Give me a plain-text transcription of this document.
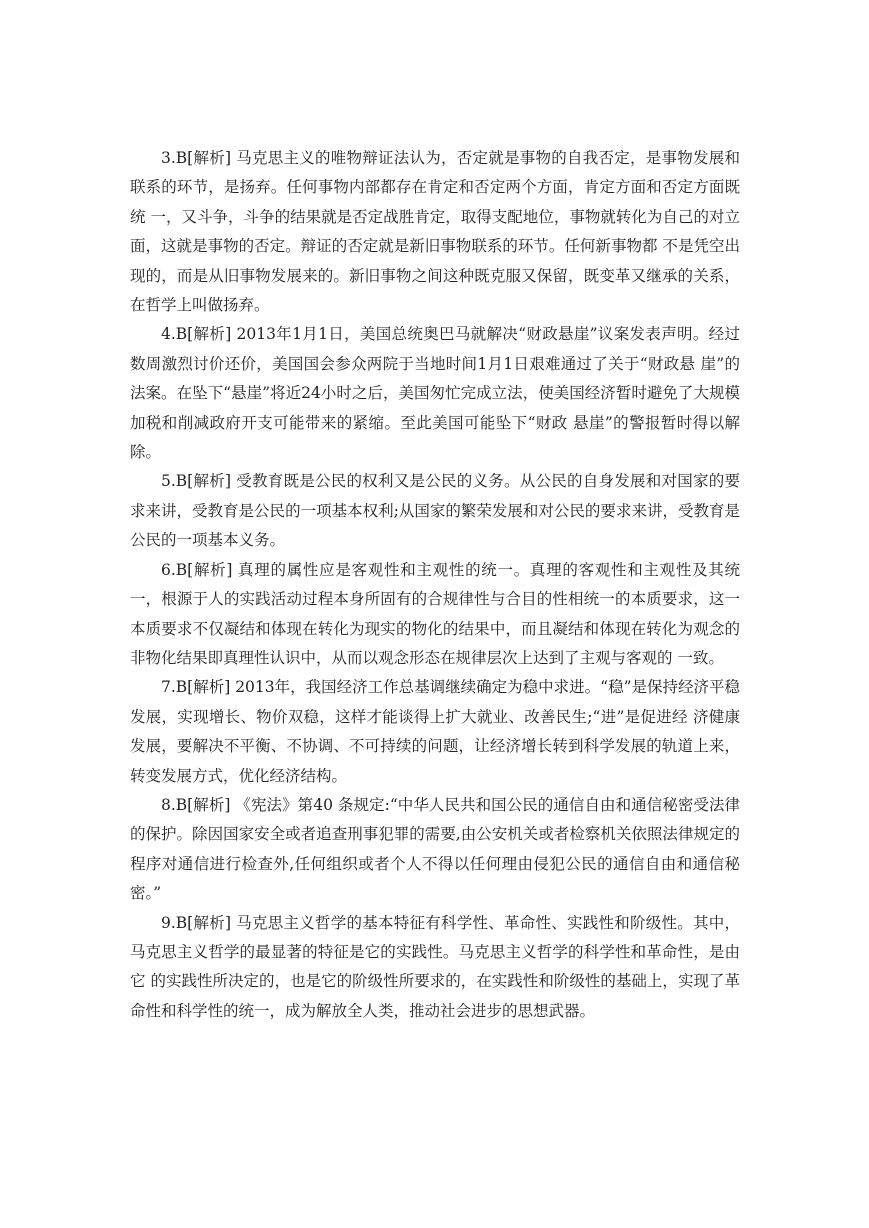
3.B[解析] 马克思主义的唯物辩证法认为，否定就是事物的自我否定，是事物发展和联系的环节，是扬弃。任何事物内部都存在肯定和否定两个方面，肯定方面和否定方面既统 一，又斗争，斗争的结果就是否定战胜肯定，取得支配地位，事物就转化为自己的对立面，这就是事物的否定。辩证的否定就是新旧事物联系的环节。任何新事物都 不是凭空出现的，而是从旧事物发展来的。新旧事物之间这种既克服又保留，既变革又继承的关系，在哲学上叫做扬弃。

4.B[解析] 2013年1月1日，美国总统奥巴马就解决“财政悬崖”议案发表声明。经过数周激烈讨价还价，美国国会参众两院于当地时间1月1日艰难通过了关于“财政悬 崖”的法案。在坠下“悬崖”将近24小时之后，美国匆忙完成立法，使美国经济暂时避免了大规模加税和削减政府开支可能带来的紧缩。至此美国可能坠下“财政 悬崖”的警报暂时得以解除。

5.B[解析] 受教育既是公民的权利又是公民的义务。从公民的自身发展和对国家的要求来讲，受教育是公民的一项基本权利;从国家的繁荣发展和对公民的要求来讲，受教育是公民的一项基本义务。

6.B[解析] 真理的属性应是客观性和主观性的统一。真理的客观性和主观性及其统一，根源于人的实践活动过程本身所固有的合规律性与合目的性相统一的本质要求，这一本质要求不仅凝结和体现在转化为现实的物化的结果中，而且凝结和体现在转化为观念的非物化结果即真理性认识中，从而以观念形态在规律层次上达到了主观与客观的 一致。

7.B[解析] 2013年，我国经济工作总基调继续确定为稳中求进。“稳”是保持经济平稳发展，实现增长、物价双稳，这样才能谈得上扩大就业、改善民生;“进”是促进经 济健康发展，要解决不平衡、不协调、不可持续的问题，让经济增长转到科学发展的轨道上来，转变发展方式，优化经济结构。

8.B[解析] 《宪法》第40 条规定:“中华人民共和国公民的通信自由和通信秘密受法律的保护。除因国家安全或者追查刑事犯罪的需要,由公安机关或者检察机关依照法律规定的程序对通信进行检查外,任何组织或者个人不得以任何理由侵犯公民的通信自由和通信秘密。”

9.B[解析] 马克思主义哲学的基本特征有科学性、革命性、实践性和阶级性。其中，马克思主义哲学的最显著的特征是它的实践性。马克思主义哲学的科学性和革命性，是由它 的实践性所决定的，也是它的阶级性所要求的，在实践性和阶级性的基础上，实现了革命性和科学性的统一，成为解放全人类，推动社会进步的思想武器。
